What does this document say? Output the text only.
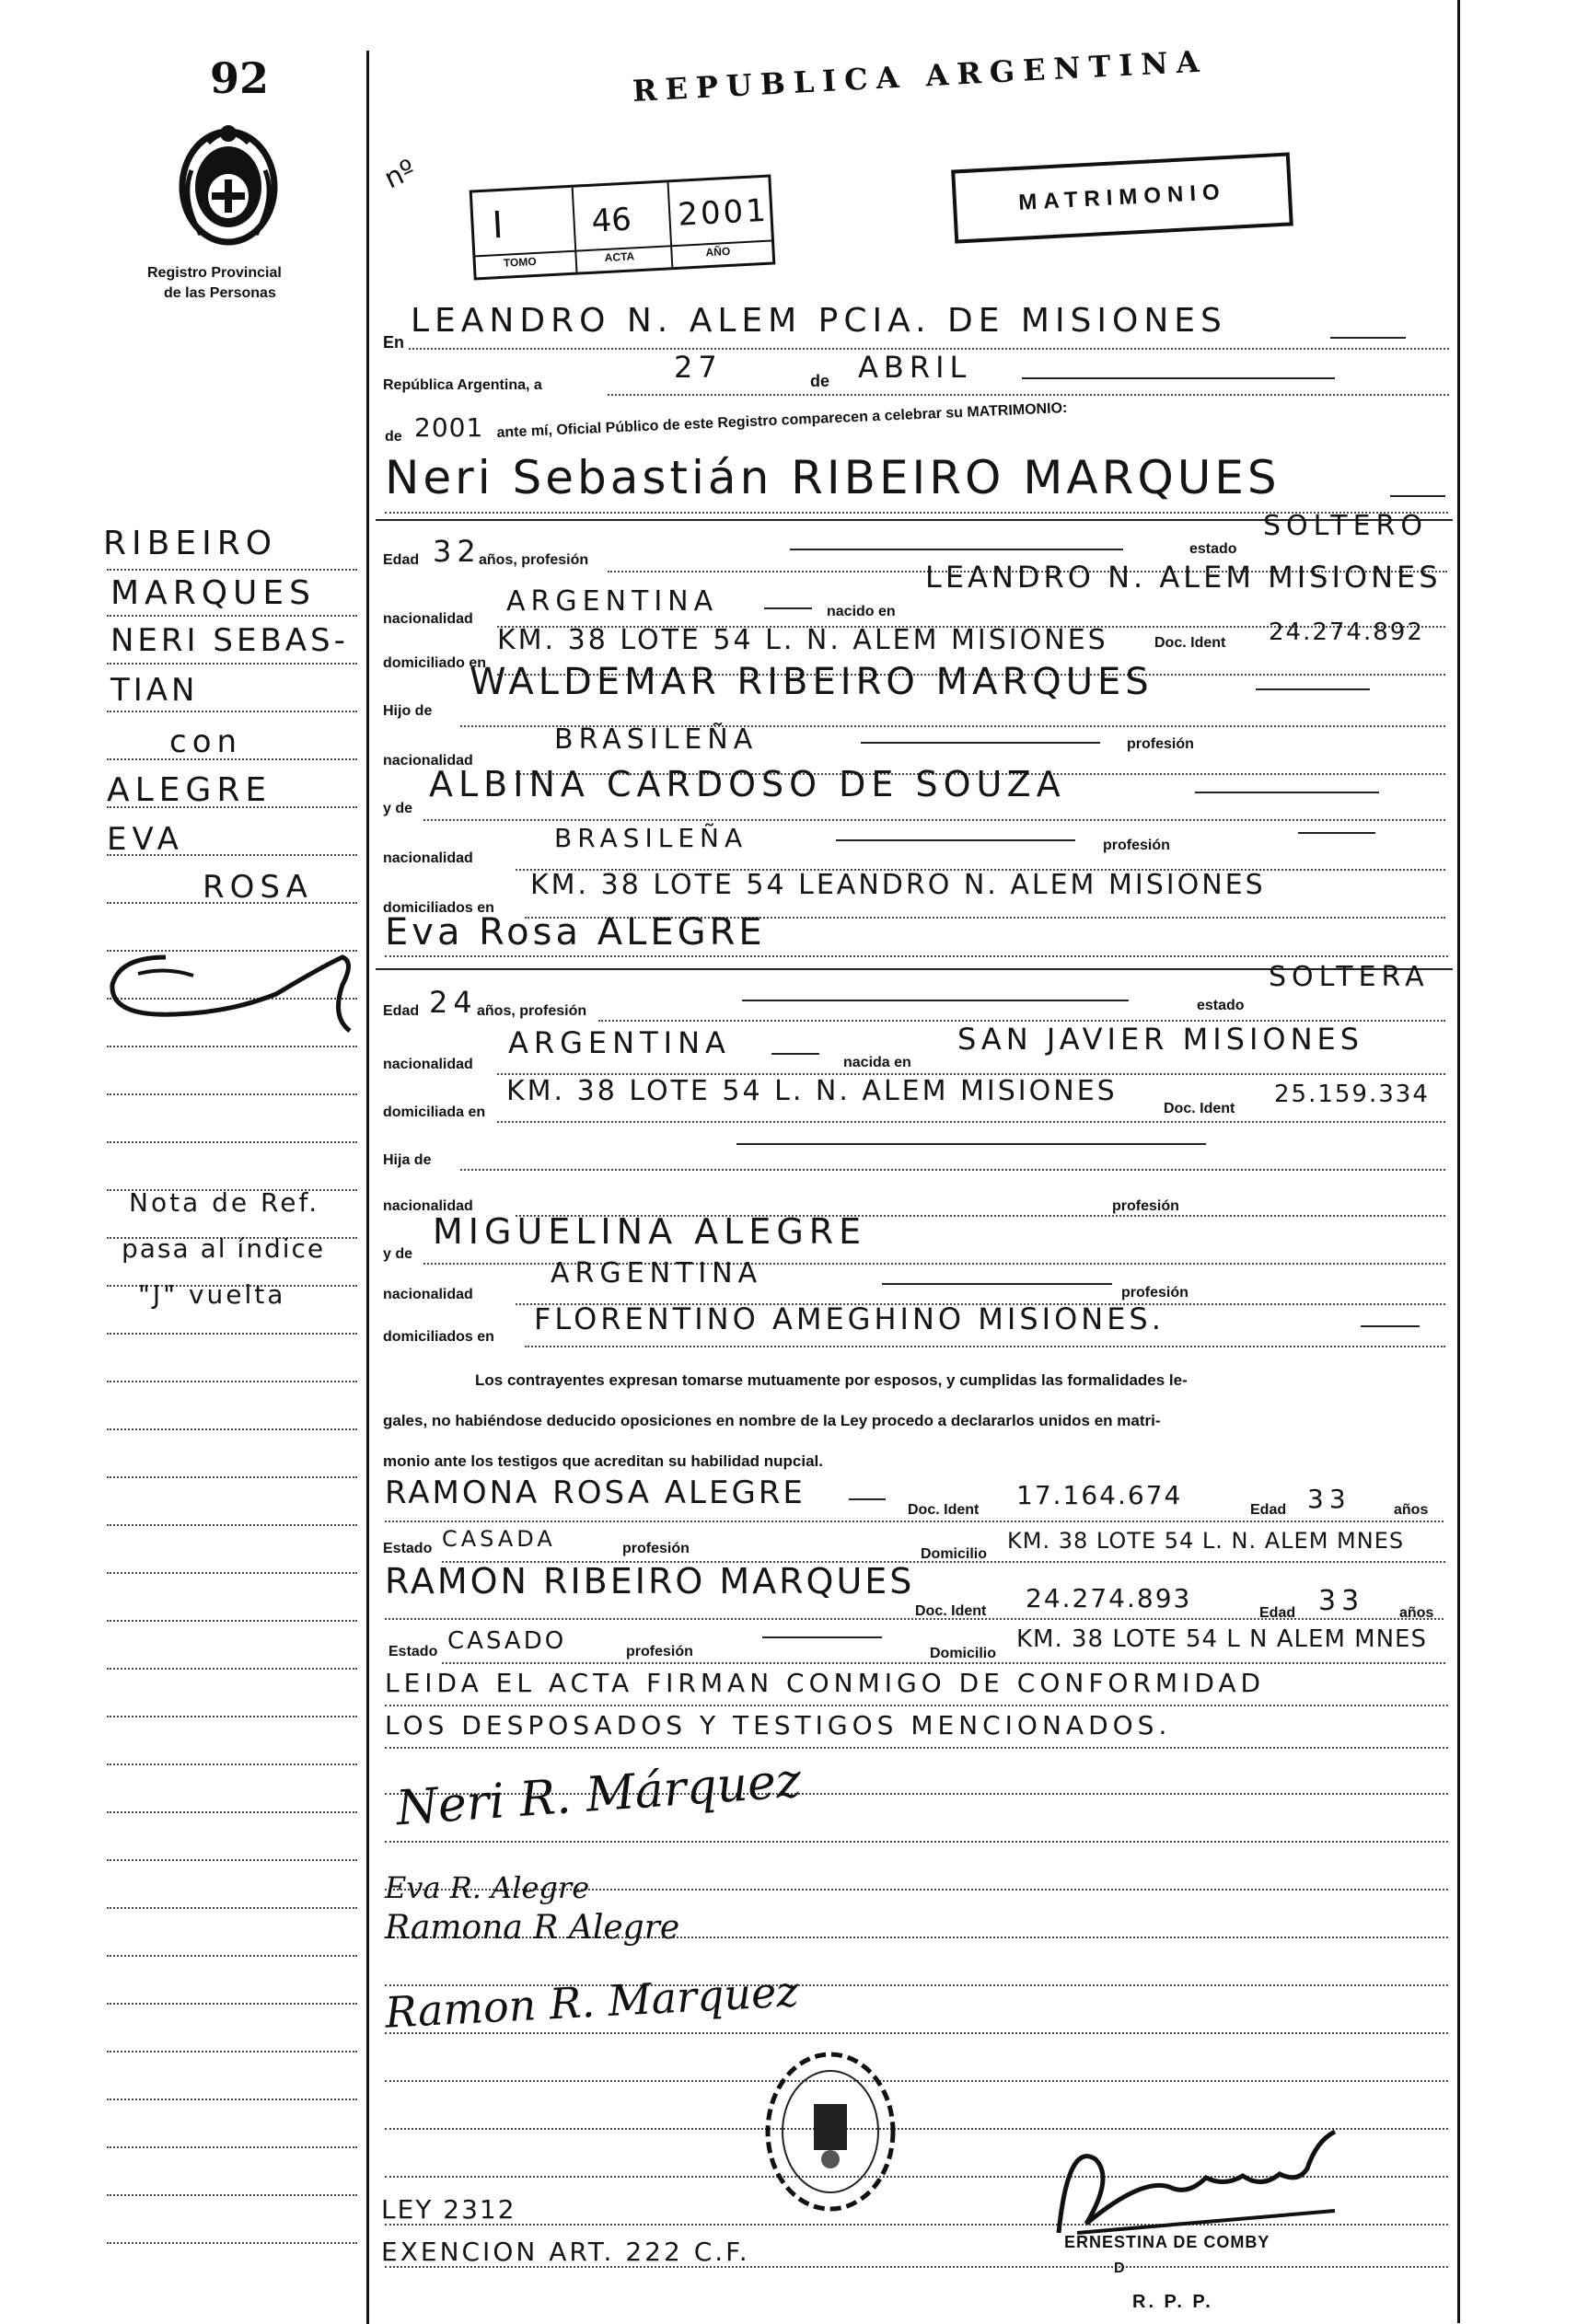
92
Registro Provincial
de las Personas
REPUBLICA ARGENTINA
nº
MATRIMONIO
I	46 2001
TOMO	ACTA	AÑO
En
LEANDRO N. ALEM PCIA. DE MISIONES
República Argentina, a
27	de ABRIL
de 2001 ante mí, Oficial Público de este Registro comparecen a celebrar su MATRIMONIO:
Neri Sebastián RIBEIRO MARQUES
Edad 32
años, profesión
estado
SOLTERO
nacionalidad
ARGENTINA	nacido en
LEANDRO N. ALEM MISIONES
domiciliado en
KM. 38 LOTE 54 L. N. ALEM MISIONES	Doc. Ident 24.274.892
Hijo de
WALDEMAR RIBEIRO MARQUES
nacionalidad
BRASILEÑA	profesión
y de
ALBINA CARDOSO DE SOUZA
nacionalidad
BRASILEÑA	profesión
domiciliados en
KM. 38 LOTE 54 LEANDRO N. ALEM MISIONES
Eva Rosa ALEGRE
Edad 24 años, profesión	estado
SOLTERA
nacionalidad
ARGENTINA
nacida en
SAN JAVIER MISIONES
domiciliada en
KM. 38 LOTE 54 L. N. ALEM MISIONES
Doc. Ident
25.159.334
Hija de
nacionalidad	profesión
y de
MIGUELINA ALEGRE
nacionalidad
ARGENTINA
profesión
domiciliados en
FLORENTINO AMEGHINO MISIONES.
Los contrayentes expresan tomarse mutuamente por esposos, y cumplidas las formalidades le-
gales, no habiéndose deducido oposiciones en nombre de la Ley procedo a declararlos unidos en matri-
monio ante los testigos que acreditan su habilidad nupcial.
RAMONA ROSA ALEGRE	Doc. Ident 17.164.674	Edad 33	años
Estado CASADA	profesión	Domicilio
KM. 38 LOTE 54 L. N. ALEM MNES
RAMON RIBEIRO MARQUES
Doc. Ident 24.274.893	Edad 33 años
Estado CASADO	profesión	Domicilio
KM. 38 LOTE 54 L N ALEM MNES
LEIDA EL ACTA FIRMAN CONMIGO DE CONFORMIDAD
LOS DESPOSADOS Y TESTIGOS MENCIONADOS.
Neri R. Márquez
Eva R. Alegre
Ramona R Alegre
Ramon R. Marquez
ERNESTINA DE COMBY
D
R. P. P.
LEY 2312
EXENCION ART. 222 C.F.
RIBEIRO
MARQUES
NERI SEBAS-
TIAN
con
ALEGRE
EVA
ROSA
Nota de Ref.
pasa al índice
"J" vuelta
